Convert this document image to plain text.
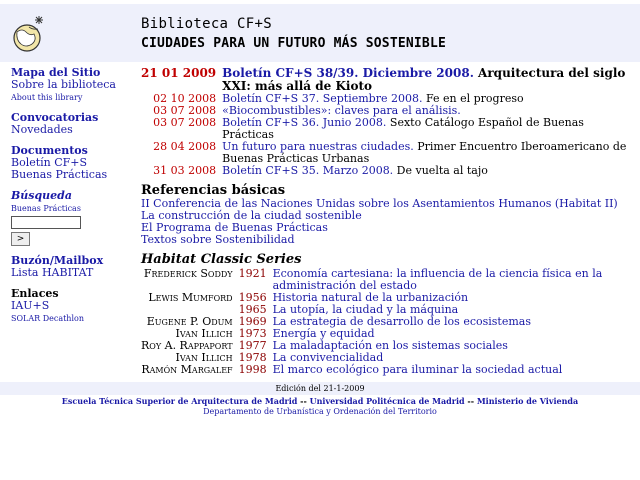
Biblioteca CF+S
CIUDADES PARA UN FUTURO MÁS SOSTENIBLE
Mapa del Sitio
Sobre la biblioteca
About this library
Convocatorias
Novedades
Documentos
Boletín CF+S
Buenas Prácticas
Búsqueda
Buenas Prácticas
>
Buzón/Mailbox
Lista HABITAT
Enlaces
IAU+S
SOLAR Decathlon
21 01 2009	Boletín CF+S 38/39. Diciembre 2008. Arquitectura del siglo XXI: más allá de Kioto
02 10 2008	Boletín CF+S 37. Septiembre 2008. Fe en el progreso
03 07 2008	«Biocombustibles»: claves para el análisis.
03 07 2008	Boletín CF+S 36. Junio 2008. Sexto Catálogo Español de Buenas Prácticas
28 04 2008	Un futuro para nuestras ciudades. Primer Encuentro Iberoamericano de Buenas Prácticas Urbanas
31 03 2008	Boletín CF+S 35. Marzo 2008. De vuelta al tajo
Referencias básicas
II Conferencia de las Naciones Unidas sobre los Asentamientos Humanos (Habitat II)
La construcción de la ciudad sostenible
El Programa de Buenas Prácticas
Textos sobre Sostenibilidad
Habitat Classic Series
Frederick Soddy	1921	Economía cartesiana: la influencia de la ciencia física en la administración del estado
Lewis Mumford	1956	Historia natural de la urbanización
	1965	La utopía, la ciudad y la máquina
Eugene P. Odum	1969	La estrategia de desarrollo de los ecosistemas
Ivan Illich	1973	Energía y equidad
Roy A. Rappaport	1977	La maladaptación en los sistemas sociales
Ivan Illich	1978	La convivencialidad
Ramón Margalef	1998	El marco ecológico para iluminar la sociedad actual
Edición del 21-1-2009
Escuela Técnica Superior de Arquitectura de Madrid -- Universidad Politécnica de Madrid -- Ministerio de Vivienda
Departamento de Urbanística y Ordenación del Territorio
